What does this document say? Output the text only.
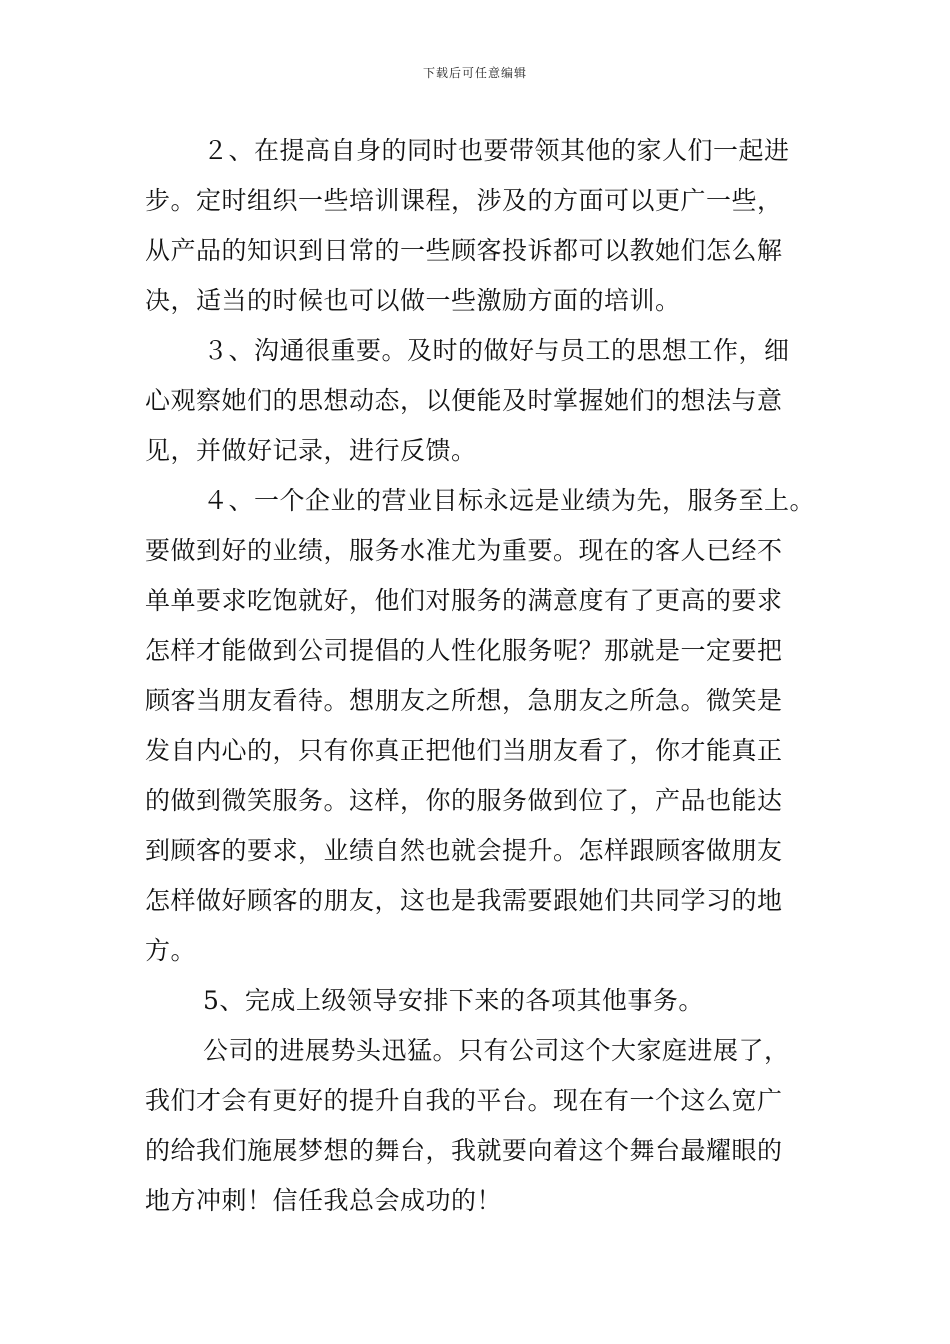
下载后可任意编辑
２、在提高自身的同时也要带领其他的家人们一起进
步。定时组织一些培训课程，涉及的方面可以更广一些，
从产品的知识到日常的一些顾客投诉都可以教她们怎么解
决，适当的时候也可以做一些激励方面的培训。
３、沟通很重要。及时的做好与员工的思想工作，细
心观察她们的思想动态，以便能及时掌握她们的想法与意
见，并做好记录，进行反馈。
４、一个企业的营业目标永远是业绩为先，服务至上。
要做到好的业绩，服务水准尤为重要。现在的客人已经不
单单要求吃饱就好，他们对服务的满意度有了更高的要求
怎样才能做到公司提倡的人性化服务呢？那就是一定要把
顾客当朋友看待。想朋友之所想，急朋友之所急。微笑是
发自内心的，只有你真正把他们当朋友看了，你才能真正
的做到微笑服务。这样，你的服务做到位了，产品也能达
到顾客的要求，业绩自然也就会提升。怎样跟顾客做朋友
怎样做好顾客的朋友，这也是我需要跟她们共同学习的地
方。
5、完成上级领导安排下来的各项其他事务。
公司的进展势头迅猛。只有公司这个大家庭进展了，
我们才会有更好的提升自我的平台。现在有一个这么宽广
的给我们施展梦想的舞台，我就要向着这个舞台最耀眼的
地方冲刺！信任我总会成功的！
